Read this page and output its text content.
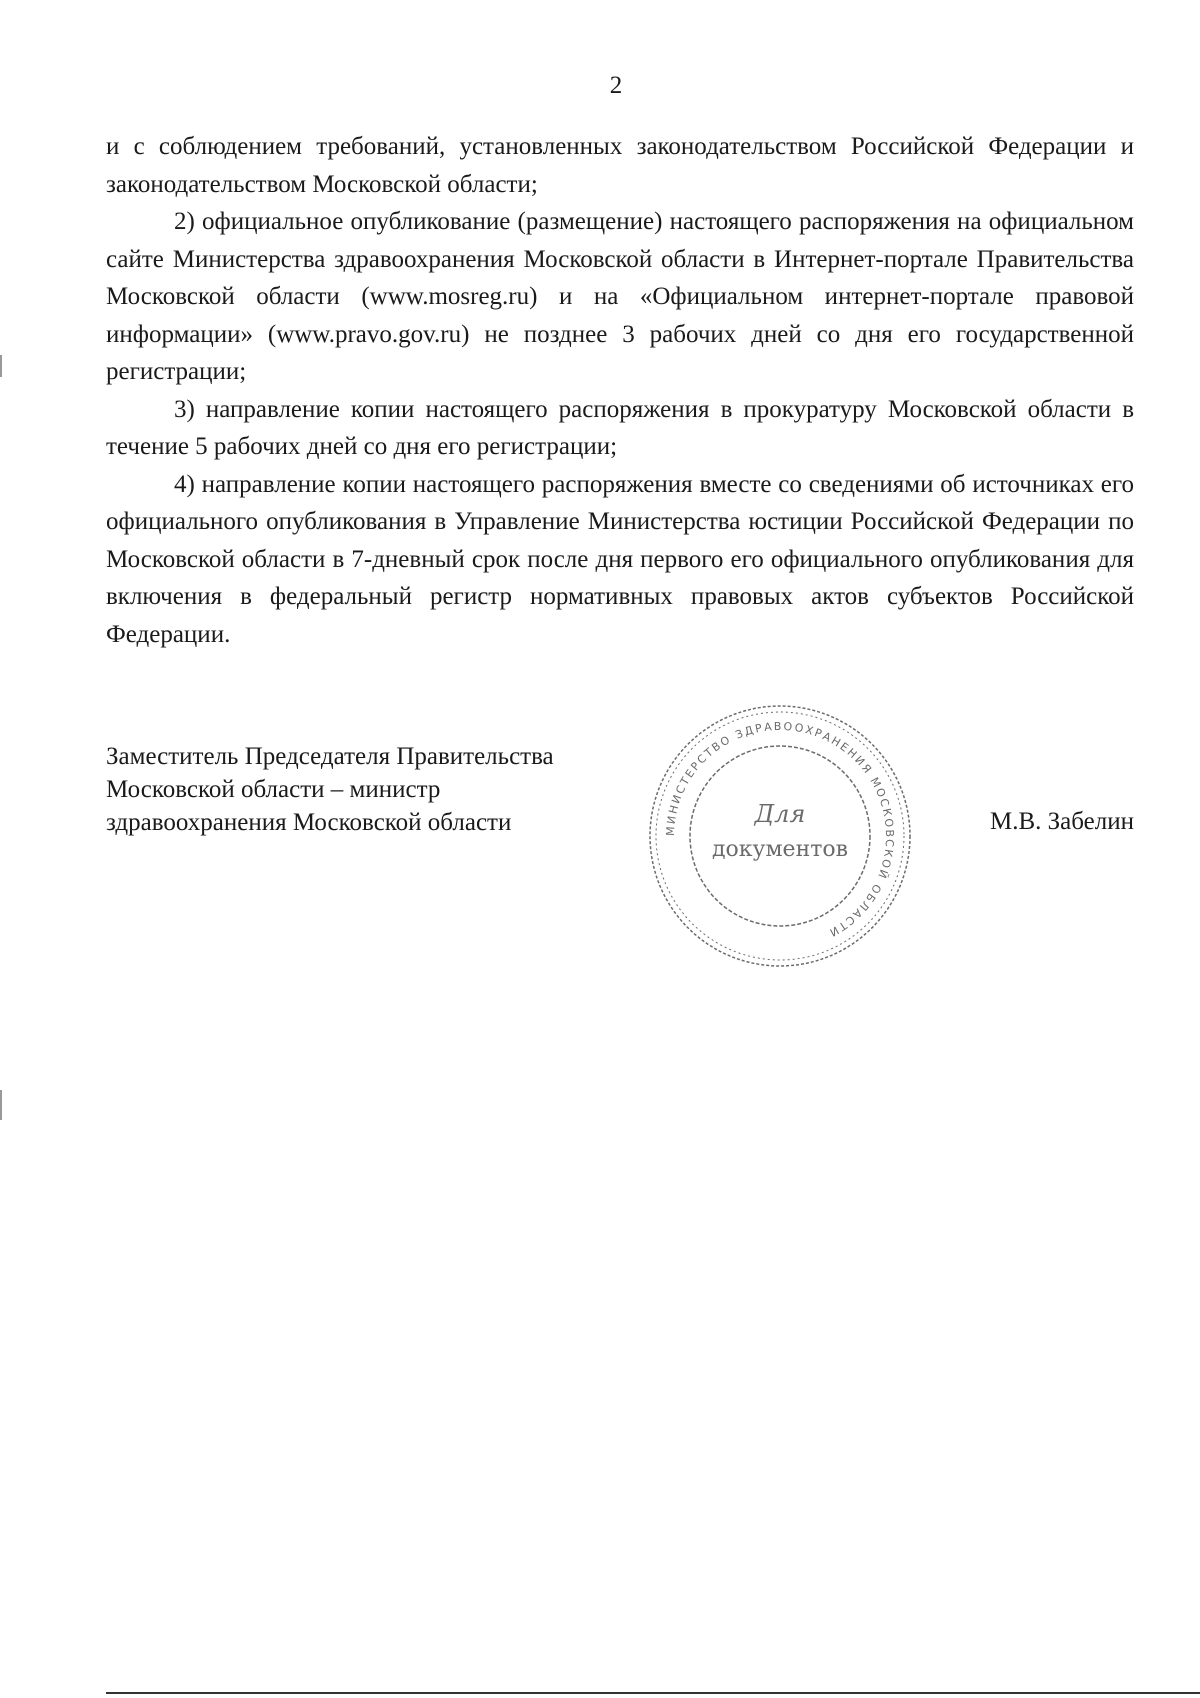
2

и с соблюдением требований, установленных законодательством Российской Федерации и законодательством Московской области;

2) официальное опубликование (размещение) настоящего распоряжения на официальном сайте Министерства здравоохранения Московской области в Интернет-портале Правительства Московской области (www.mosreg.ru) и на «Официальном интернет-портале правовой информации» (www.pravo.gov.ru) не позднее 3 рабочих дней со дня его государственной регистрации;

3) направление копии настоящего распоряжения в прокуратуру Московской области в течение 5 рабочих дней со дня его регистрации;

4) направление копии настоящего распоряжения вместе со сведениями об источниках его официального опубликования в Управление Министерства юстиции Российской Федерации по Московской области в 7-дневный срок после дня первого его официального опубликования для включения в федеральный регистр нормативных правовых актов субъектов Российской Федерации.

Заместитель Председателя Правительства
Московской области – министр
здравоохранения Московской области	МИНИСТЕРСТВО ЗДРАВООХРАНЕНИЯ МОСКОВСКОЙ ОБЛАСТИ
Для
документов
М.В. Забелин
